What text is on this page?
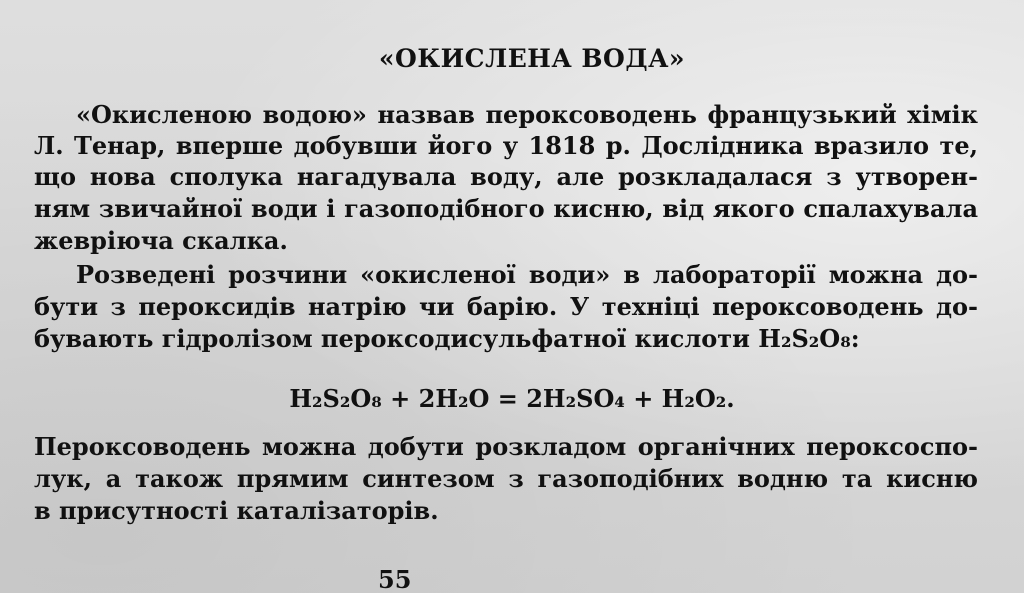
«ОКИСЛЕНА ВОДА»
«Окисленою водою» назвав пероксоводень французький хімік
Л. Тенар, вперше добувши його у 1818 р. Дослідника вразило те,
що нова сполука нагадувала воду, але розкладалася з утворен-
ням звичайної води і газоподібного кисню, від якого спалахувала
жевріюча скалка.
Розведені розчини «окисленої води» в лабораторії можна до-
бути з пероксидів натрію чи барію. У техніці пероксоводень до-
бувають гідролізом пероксодисульфатної кислоти H₂S₂O₈:
H₂S₂O₈ + 2H₂O = 2H₂SO₄ + H₂O₂.
Пероксоводень можна добути розкладом органічних пероксоспо-
лук, а також прямим синтезом з газоподібних водню та кисню
в присутності каталізаторів.
55
